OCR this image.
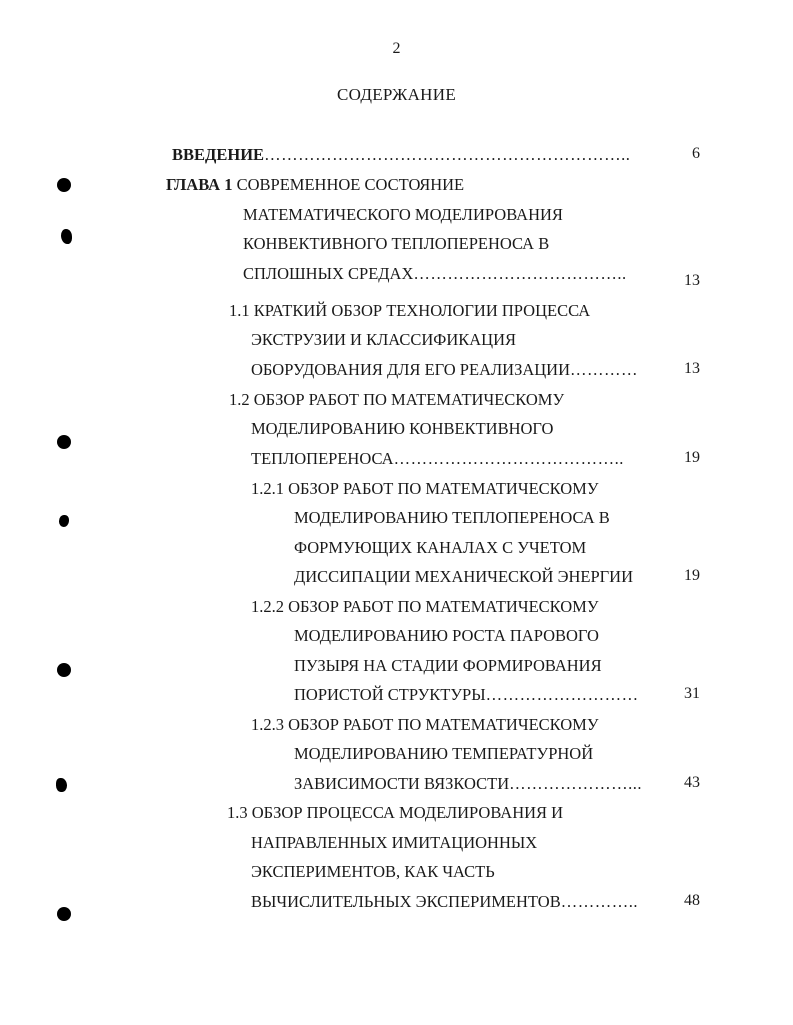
2
СОДЕРЖАНИЕ
ВВЕДЕНИЕ………………………………………………………..	6
ГЛАВА 1 СОВРЕМЕННОЕ СОСТОЯНИЕ
МАТЕМАТИЧЕСКОГО МОДЕЛИРОВАНИЯ
КОНВЕКТИВНОГО ТЕПЛОПЕРЕНОСА В
СПЛОШНЫХ СРЕДАХ………………………………..	13
1.1 КРАТКИЙ ОБЗОР ТЕХНОЛОГИИ ПРОЦЕССА
ЭКСТРУЗИИ И КЛАССИФИКАЦИЯ
ОБОРУДОВАНИЯ ДЛЯ ЕГО РЕАЛИЗАЦИИ…………	13
1.2 ОБЗОР РАБОТ ПО МАТЕМАТИЧЕСКОМУ
МОДЕЛИРОВАНИЮ КОНВЕКТИВНОГО
ТЕПЛОПЕРЕНОСА…………………………………..	19
1.2.1 ОБЗОР РАБОТ ПО МАТЕМАТИЧЕСКОМУ
МОДЕЛИРОВАНИЮ ТЕПЛОПЕРЕНОСА В
ФОРМУЮЩИХ КАНАЛАХ С УЧЕТОМ
ДИССИПАЦИИ МЕХАНИЧЕСКОЙ ЭНЕРГИИ	19
1.2.2 ОБЗОР РАБОТ ПО МАТЕМАТИЧЕСКОМУ
МОДЕЛИРОВАНИЮ РОСТА ПАРОВОГО
ПУЗЫРЯ НА СТАДИИ ФОРМИРОВАНИЯ
ПОРИСТОЙ СТРУКТУРЫ………………………	31
1.2.3 ОБЗОР РАБОТ ПО МАТЕМАТИЧЕСКОМУ
МОДЕЛИРОВАНИЮ ТЕМПЕРАТУРНОЙ
ЗАВИСИМОСТИ ВЯЗКОСТИ…………………...	43
1.3 ОБЗОР ПРОЦЕССА МОДЕЛИРОВАНИЯ И
НАПРАВЛЕННЫХ ИМИТАЦИОННЫХ
ЭКСПЕРИМЕНТОВ, КАК ЧАСТЬ
ВЫЧИСЛИТЕЛЬНЫХ ЭКСПЕРИМЕНТОВ…………..	48
